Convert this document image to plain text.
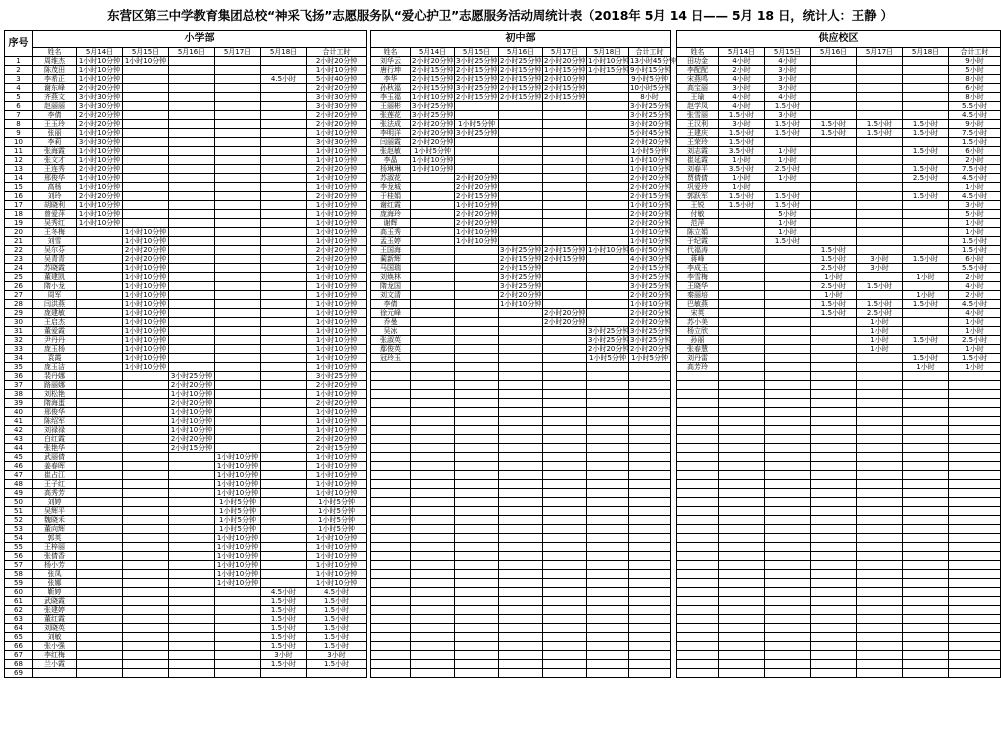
东营区第三中学教育集团总校“神采飞扬”志愿服务队“爱心护卫”志愿服务活动周统计表（2018年 5月 14 日—— 5月 18 日，统计人：王静 ）
序号	小学部						
	姓名	5月14日	5月15日	5月16日	5月17日	5月18日	合计工时
1	周维杰	1小时10分钟	1小时10分钟				2小时20分钟
2	陈茂田	1小时10分钟					1小时10分钟
3	李希正	1小时10分钟				4.5小时	5小时40分钟
4	谢东峰	2小时20分钟					2小时20分钟
5	齐燕文	3小时30分钟					3小时30分钟
6	赵丽丽	3小时30分钟					3小时30分钟
7	李倩	2小时20分钟					2小时20分钟
8	王玉玲	2小时20分钟					2小时20分钟
9	张丽	1小时10分钟					1小时10分钟
10	李莉	3小时30分钟					3小时30分钟
11	张海霞	1小时10分钟					1小时10分钟
12	张文才	1小时10分钟					1小时10分钟
13	王连秀	2小时20分钟					2小时20分钟
14	邢俊华	1小时10分钟					1小时10分钟
15	高杨	1小时10分钟					1小时10分钟
16	刘玲	2小时20分钟					2小时20分钟
17	胡晓利	1小时10分钟					1小时10分钟
18	曾爱萍	1小时10分钟					1小时10分钟
19	吴秀红	1小时10分钟					1小时10分钟
20	王冬梅		1小时10分钟				1小时10分钟
21	刘雪		1小时10分钟				1小时10分钟
22	吴尔芬		2小时20分钟				2小时20分钟
23	吴青青		2小时20分钟				2小时20分钟
24	苏晓霞		1小时10分钟				1小时10分钟
25	董建凯		1小时10分钟				1小时10分钟
26	隋小龙		1小时10分钟				1小时10分钟
27	周军		1小时10分钟				1小时10分钟
28	闫洪燕		1小时10分钟				1小时10分钟
29	庞建敏		1小时10分钟				1小时10分钟
30	王启杰		1小时10分钟				1小时10分钟
31	董爱霞		1小时10分钟				1小时10分钟
32	尹丹丹		1小时10分钟				1小时10分钟
33	庞玉杨		1小时10分钟				1小时10分钟
34	袁霞		1小时10分钟				1小时10分钟
35	庞玉洁		1小时10分钟				1小时10分钟
36	裴丹娜			3小时25分钟			3小时25分钟
37	路丽娜			2小时20分钟			2小时20分钟
38	刘松艳			1小时10分钟			1小时10分钟
39	隋海蛋			2小时20分钟			2小时20分钟
40	邢俊华			1小时10分钟			1小时10分钟
41	陈绍军			1小时10分钟			1小时10分钟
42	刘禄禄			1小时10分钟			1小时10分钟
43	白红霞			2小时20分钟			2小时20分钟
44	张艳华			2小时15分钟			2小时15分钟
45	武丽倩				1小时10分钟		1小时10分钟
46	姜春晖				1小时10分钟		1小时10分钟
47	崔占江				1小时10分钟		1小时10分钟
48	王子红				1小时10分钟		1小时10分钟
49	高秀芳				1小时10分钟		1小时10分钟
50	刘婷				1小时5分钟		1小时5分钟
51	吴辉平				1小时5分钟		1小时5分钟
52	魏晓禾				1小时5分钟		1小时5分钟
53	董向辉				1小时5分钟		1小时5分钟
54	郭英				1小时10分钟		1小时10分钟
55	王梓丽				1小时10分钟		1小时10分钟
56	张倩香				1小时10分钟		1小时10分钟
57	杨小芳				1小时10分钟		1小时10分钟
58	张凤				1小时10分钟		1小时10分钟
59	张娜				1小时10分钟		1小时10分钟
60	靳婷					4.5小时	4.5小时
61	武晓霞					1.5小时	1.5小时
62	张建婷					1.5小时	1.5小时
63	董红霞					1.5小时	1.5小时
64	刘晓英					1.5小时	1.5小时
65	刘敏					1.5小时	1.5小时
66	张小强					1.5小时	1.5小时
67	李红梅					3小时	3小时
68	兰小霞					1.5小时	1.5小时
69							
初中部						
姓名	5月14日	5月15日	5月16日	5月17日	5月18日	合计工时
刘华云	2小时20分钟	3小时25分钟	2小时25分钟	2小时20分钟	1小时10分钟	13小时45分钟
唐行坤	2小时15分钟	2小时15分钟	2小时15分钟	1小时15分钟	1小时15分钟	9小时15分钟
李华	2小时15分钟	2小时15分钟	2小时15分钟	2小时10分钟		9小时5分钟
孙秋福	2小时15分钟	3小时25分钟	2小时15分钟	2小时15分钟		10小时5分钟
李玉福	1小时10分钟	2小时15分钟	2小时15分钟	2小时15分钟		8小时
王丽彬	3小时25分钟					3小时25分钟
张莲花	3小时25分钟					3小时25分钟
张法成	2小时20分钟	1小时5分钟				3小时20分钟
李明洋	2小时20分钟	3小时25分钟				5小时45分钟
闫丽霞	2小时20分钟					2小时20分钟
张赵敏	1小时5分钟					1小时5分钟
李晶	1小时10分钟					1小时10分钟
杨琳琳	1小时10分钟					1小时10分钟
苏淑花		2小时20分钟				2小时20分钟
李龙城		2小时20分钟				2小时20分钟
于桂娟		2小时15分钟				2小时15分钟
谢红霞		1小时10分钟				1小时10分钟
庞海玲		2小时20分钟				2小时20分钟
谢辉		2小时20分钟				2小时20分钟
高玉秀		1小时10分钟				1小时10分钟
孟玉婷		1小时10分钟				1小时10分钟
王国海			3小时25分钟	2小时15分钟	1小时10分钟	6小时50分钟
蔺新辉			2小时15分钟	2小时15分钟		4小时30分钟
马国瑞			2小时15分钟			2小时15分钟
刘焕林			3小时25分钟			3小时25分钟
隋龙国			3小时25分钟			3小时25分钟
刘文清			2小时20分钟			2小时20分钟
李倩			1小时10分钟			1小时10分钟
徐元峰				2小时20分钟		2小时20分钟
乔曼				2小时20分钟		2小时20分钟
吴冰					3小时25分钟	3小时25分钟
张淑英					3小时25分钟	3小时25分钟
鄢俊英					2小时20分钟	2小时20分钟
冠玲玉					1小时5分钟	1小时5分钟

供应校区						
姓名	5月14日	5月15日	5月16日	5月17日	5月18日	合计工时
田功金	4小时	4小时				9小时
李配配	2小时	3小时				5小时
宋燕鸣	4小时	3小时				8小时
高宝丽	3小时	3小时				6小时
王瑜	4小时	4小时				8小时
赵学凤	4小时	1.5小时				5.5小时
张雪丽	1.5小时	3小时				4.5小时
王汉利	3小时	1.5小时	1.5小时	1.5小时	1.5小时	9小时
王建庆	1.5小时	1.5小时	1.5小时	1.5小时	1.5小时	7.5小时
王荣玲	1.5小时					1.5小时
刘志霞	3.5小时	1小时			1.5小时	6小时
崔延霞	1小时	1小时				2小时
刘春平	3.5小时	2.5小时			1.5小时	7.5小时
贾倩倩	1小时	1小时			2.5小时	4.5小时
巩爱玲	1小时					1小时
郭跃军	1.5小时	1.5小时			1.5小时	4.5小时
王锐	1.5小时	1.5小时				3小时
付敏		5小时				5小时
范萍		1小时				1小时
陈立娟		1小时				1小时
于纪霞		1.5小时				1.5小时
代福涛			1.5小时			1.5小时
蒋峰			1.5小时	3小时	1.5小时	6小时
李成玉			2.5小时	3小时		5.5小时
李雪梅			1小时		1小时	2小时
王晓华			2.5小时	1.5小时		4小时
秦丽培			1小时		1小时	2小时
巴敏燕			1.5小时	1.5小时	1.5小时	4.5小时
宋英			1.5小时	2.5小时		4小时
苏小美				1小时		1小时
杨立欣				1小时		1小时
孙丽				1小时	1.5小时	2.5小时
张春慧				1小时		1小时
刘丹雷					1.5小时	1.5小时
高芳玲					1小时	1小时
